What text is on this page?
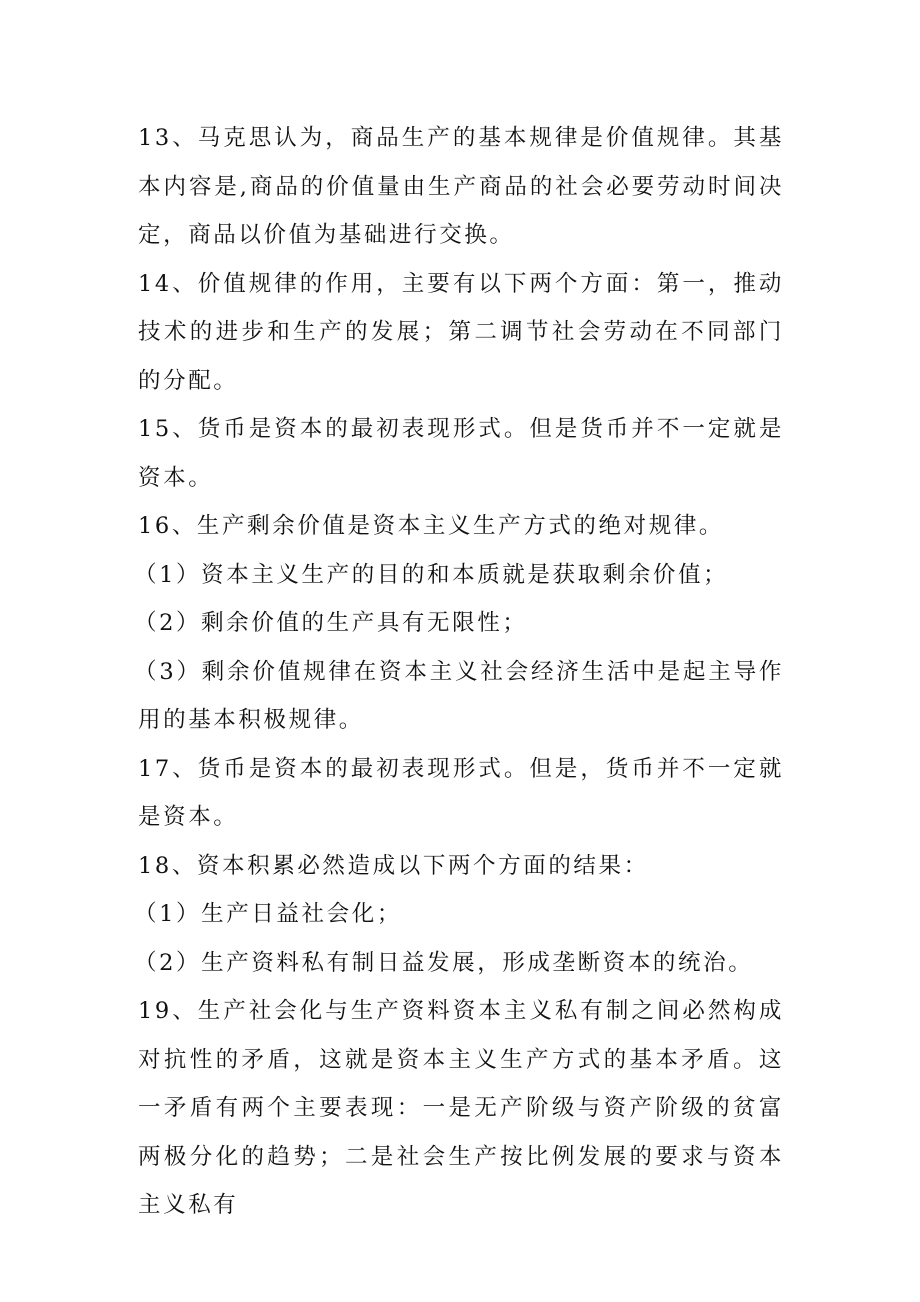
13、马克思认为，商品生产的基本规律是价值规律。其基本内容是,商品的价值量由生产商品的社会必要劳动时间决定，商品以价值为基础进行交换。

14、价值规律的作用，主要有以下两个方面：第一，推动技术的进步和生产的发展；第二调节社会劳动在不同部门的分配。

15、货币是资本的最初表现形式。但是货币并不一定就是资本。

16、生产剩余价值是资本主义生产方式的绝对规律。

（1）资本主义生产的目的和本质就是获取剩余价值；

（2）剩余价值的生产具有无限性；

（3）剩余价值规律在资本主义社会经济生活中是起主导作用的基本积极规律。

17、货币是资本的最初表现形式。但是，货币并不一定就是资本。

18、资本积累必然造成以下两个方面的结果：

（1）生产日益社会化；

（2）生产资料私有制日益发展，形成垄断资本的统治。

19、生产社会化与生产资料资本主义私有制之间必然构成对抗性的矛盾，这就是资本主义生产方式的基本矛盾。这一矛盾有两个主要表现：一是无产阶级与资产阶级的贫富两极分化的趋势；二是社会生产按比例发展的要求与资本主义私有
